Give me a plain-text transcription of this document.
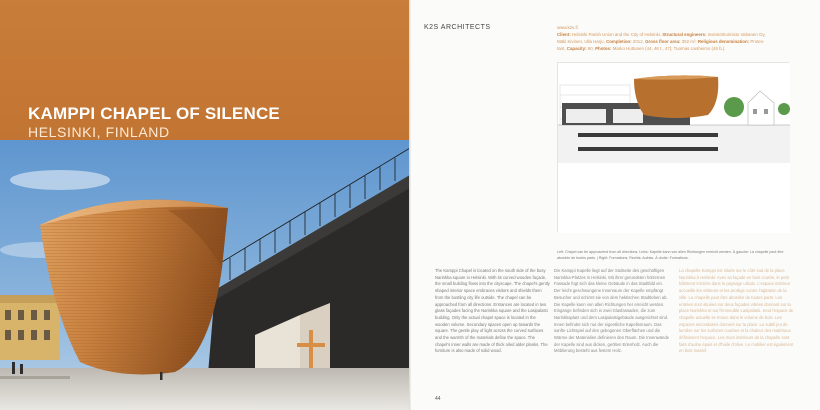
KAMPPI CHAPEL OF SILENCE
HELSINKI, FINLAND
K2S ARCHITECTS	www.k2s.fi
Client: Helsinki Parish Union and the City of Helsinki, Structural engineers: Insinööritoimisto Vahanen Oy,
Mäki Kivinen, Ulla Harju, Completion: 2012, Gross floor area: 352 m², Religious denomination: Protes-
tant, Capacity: 60, Photos: Marko Huttunen (44, 46 t., 47); Tuomas Uusheimo (46 b.).
Left: Chapel can be approached from all directions. Links: Kapelle kann von allen Richtungen erreicht werden. À gauche: La chapelle peut être abordée de toutes parts. | Right: Formations. Rechts: Aufriss. À droite: Formations.
The Kamppi Chapel is located on the south side of the busy Narinkka square in Helsinki. With its curved wooden façade, the small building flows into the cityscape. The chapel's gently shaped interior space embraces visitors and shields them from the bustling city life outside. The chapel can be approached from all directions. Entrances are located in two glass façades facing the Narinkka square and the Lasipalatsi building. Only the actual chapel space is located in the wooden volume. Secondary spaces open up towards the square. The gentle play of light across the curved surfaces and the warmth of the materials define the space. The chapel's inner walls are made of thick oiled alder planks. The furniture is also made of solid wood.
Die Kamppi Kapelle liegt auf der Südseite des geschäftigen Narinkka-Platzes in Helsinki. Mit ihrer gerundeten hölzernen Fassade fügt sich das kleine Gebäude in das Stadtbild ein. Der leicht geschwungene Innenraum der Kapelle empfängt Besucher und schirmt sie von dem hektischen Stadtleben ab. Die Kapelle kann von allen Richtungen her erreicht werden. Eingänge befinden sich in zwei Glasfassaden, die zum Narinkkaplatz und dem Lasipalatsigebäude ausgerichtet sind. Innen befindet sich nur der eigentliche Kapellenraum. Das sanfte Lichtspiel auf den gebogenen Oberflächen und die Wärme der Materialien definieren den Raum. Die Innenwände der Kapelle sind aus dicken, geölten Erlenholz. Auch die Möblierung besteht aus festem Holz.
La chapelle Kamppi est située sur le côté sud de la place Narinkka à Helsinki. Avec sa façade en bois courbé, le petit bâtiment s'insère dans le paysage urbain. L'espace intérieur accueille les visiteurs et les protège contre l'agitation de la ville. La chapelle peut être abordée de toutes parts. Les entrées sont situées sur deux façades vitrées donnant sur la place Narinkka et sur l'immeuble Lasipalatsi. Seul l'espace de chapelle actuelle se trouve dans le volume de bois. Les espaces secondaires donnent sur la place. Le subtil jeu de lumière sur les surfaces courbes et la chaleur des matériaux définissent l'espace. Les murs intérieurs de la chapelle sont faits d'aulne épais et d'huile d'olive. Le mobilier est également en bois massif.
44
